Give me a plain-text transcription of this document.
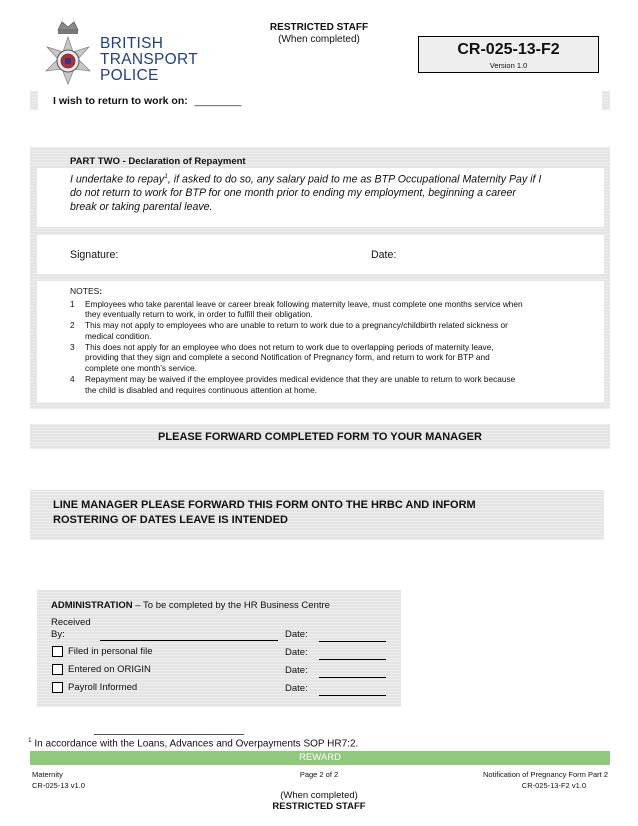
RESTRICTED STAFF
(When completed)
BRITISH
TRANSPORT
POLICE
CR-025-13-F2
Version 1.0
I wish to return to work on: ________
PART TWO - Declaration of Repayment
I undertake to repay$^1$, if asked to do so, any salary paid to me as BTP Occupational Maternity Pay if I
do not return to work for BTP for one month prior to ending my employment, beginning a career
break or taking parental leave.
Signature:	Date:
NOTES:
1 Employees who take parental leave or career break following maternity leave, must complete one months service when
they eventually return to work, in order to fulfill their obligation.
2 This may not apply to employees who are unable to return to work due to a pregnancy/childbirth related sickness or
medical condition.
3 This does not apply for an employee who does not return to work due to overlapping periods of maternity leave,
providing that they sign and complete a second Notification of Pregnancy form, and return to work for BTP and
complete one month’s service.
4 Repayment may be waived if the employee provides medical evidence that they are unable to return to work because
the child is disabled and requires continuous attention at home.
PLEASE FORWARD COMPLETED FORM TO YOUR MANAGER
LINE MANAGER PLEASE FORWARD THIS FORM ONTO THE HRBC AND INFORM
ROSTERING OF DATES LEAVE IS INTENDED
ADMINISTRATION – To be completed by the HR Business Centre
Received
By:	Date:
Filed in personal file	Date:
Entered on ORIGIN	Date:
Payroll Informed	Date:
$^1$ In accordance with the Loans, Advances and Overpayments SOP HR7:2.
REWARD
Maternity
CR-025-13 v1.0
Page 2 of 2	Notification of Pregnancy Form Part 2
CR-025-13-F2 v1.0
(When completed)
RESTRICTED STAFF
